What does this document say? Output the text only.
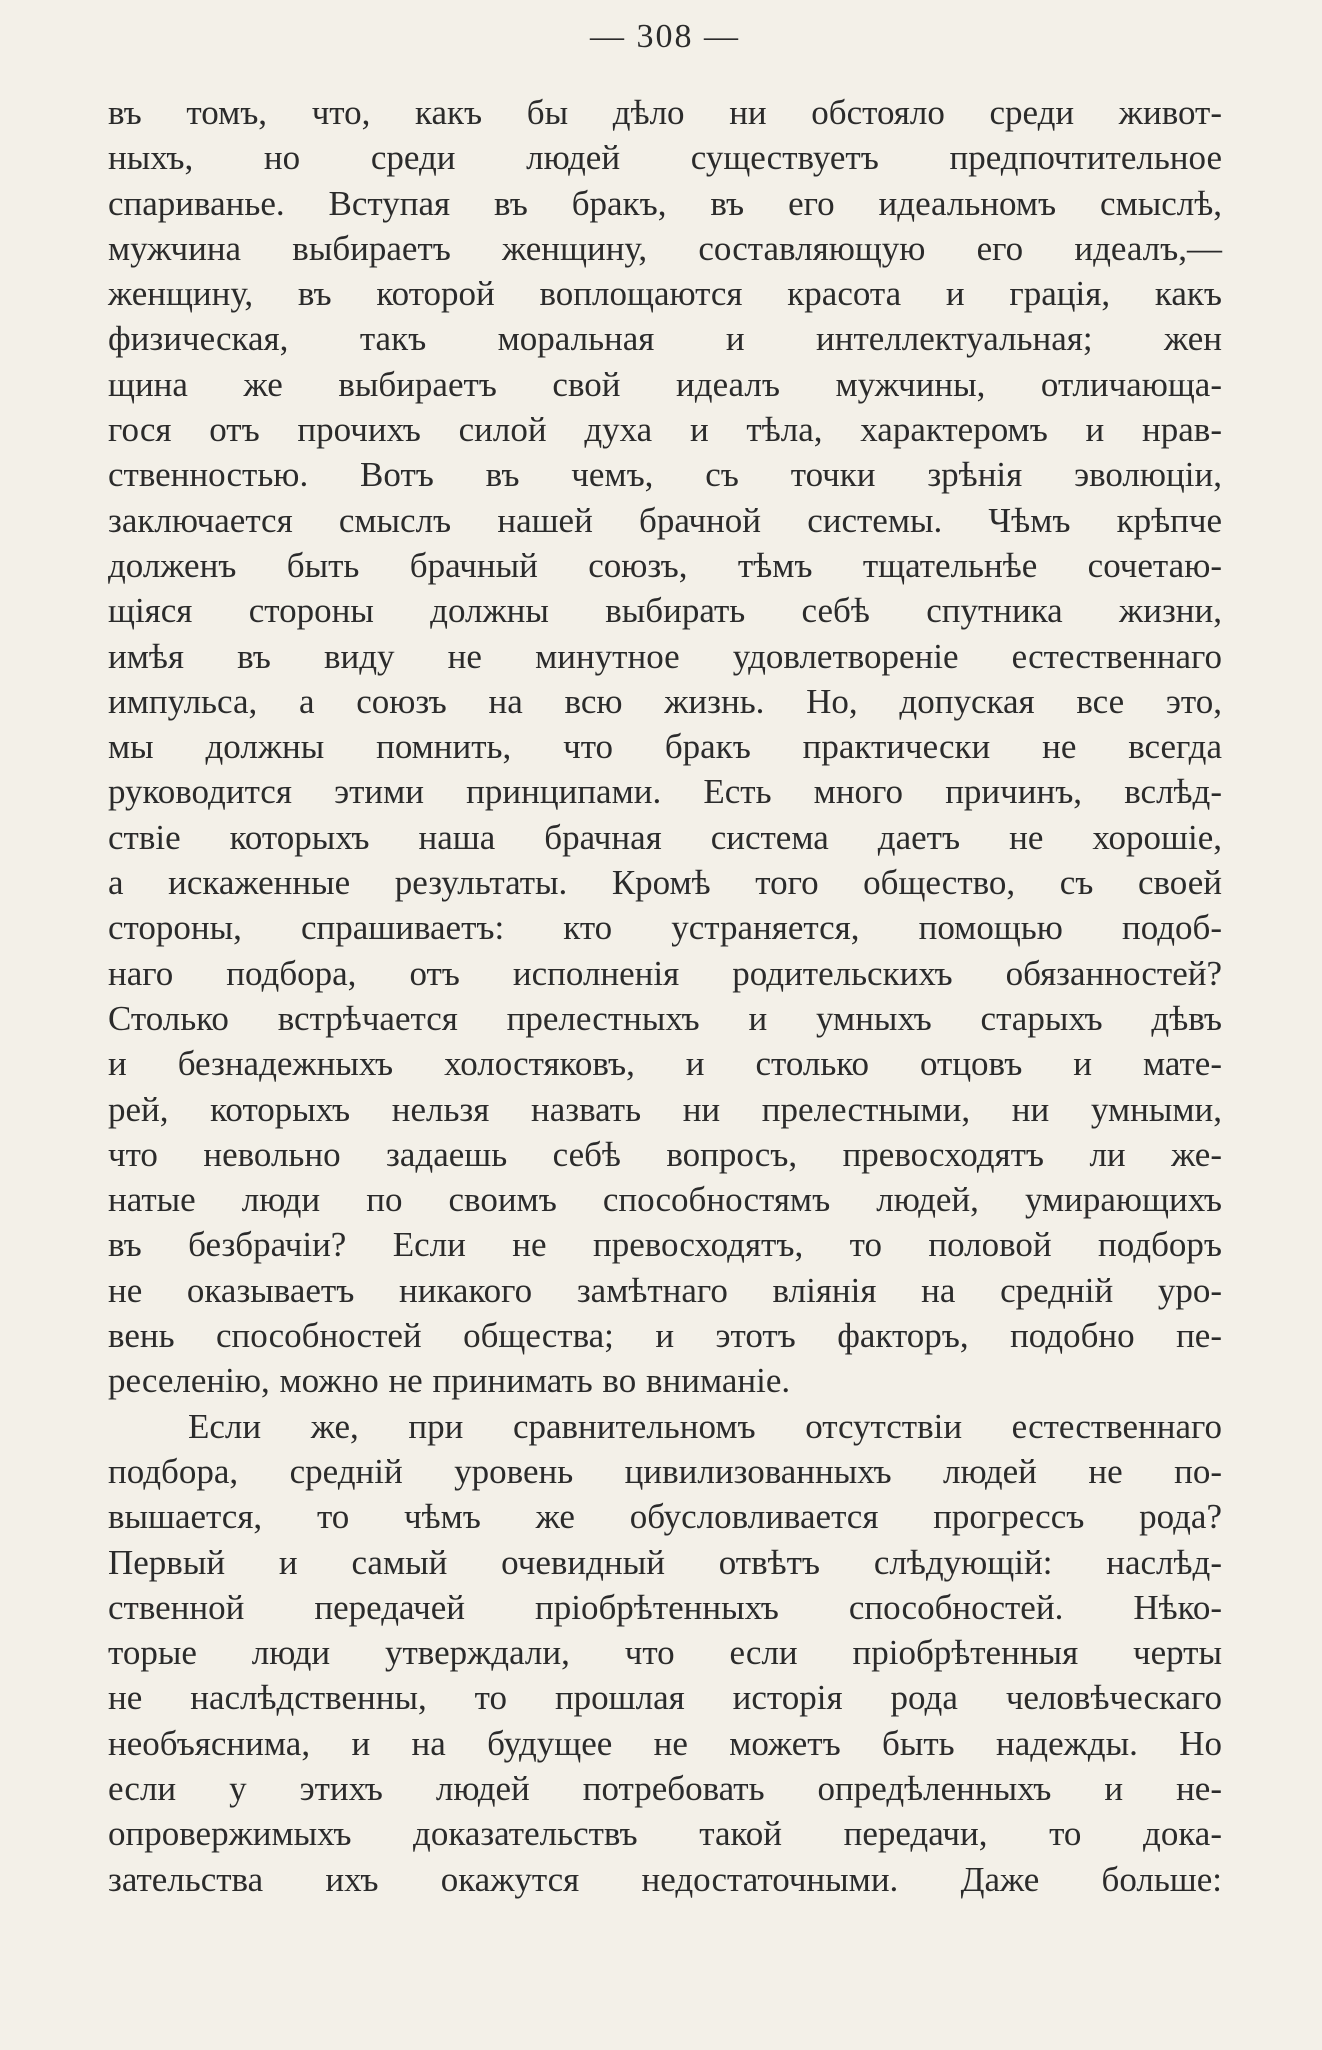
— 308 —
въ томъ, что, какъ бы дѣло ни обстояло среди живот-
ныхъ, но среди людей существуетъ предпочтительное
спариванье. Вступая въ бракъ, въ его идеальномъ смыслѣ,
мужчина выбираетъ женщину, составляющую его идеалъ,—
женщину, въ которой воплощаются красота и грація, какъ
физическая, такъ моральная и интеллектуальная; жен
щина же выбираетъ свой идеалъ мужчины, отличающа-
гося отъ прочихъ силой духа и тѣла, характеромъ и нрав-
ственностью. Вотъ въ чемъ, съ точки зрѣнія эволюціи,
заключается смыслъ нашей брачной системы. Чѣмъ крѣпче
долженъ быть брачный союзъ, тѣмъ тщательнѣе сочетаю-
щіяся стороны должны выбирать себѣ спутника жизни,
имѣя въ виду не минутное удовлетвореніе естественнаго
импульса, а союзъ на всю жизнь. Но, допуская все это,
мы должны помнить, что бракъ практически не всегда
руководится этими принципами. Есть много причинъ, вслѣд-
ствіе которыхъ наша брачная система даетъ не хорошіе,
а искаженные результаты. Кромѣ того общество, съ своей
стороны, спрашиваетъ: кто устраняется, помощью подоб-
наго подбора, отъ исполненія родительскихъ обязанностей?
Столько встрѣчается прелестныхъ и умныхъ старыхъ дѣвъ
и безнадежныхъ холостяковъ, и столько отцовъ и мате-
рей, которыхъ нельзя назвать ни прелестными, ни умными,
что невольно задаешь себѣ вопросъ, превосходятъ ли же-
натые люди по своимъ способностямъ людей, умирающихъ
въ безбрачіи? Если не превосходятъ, то половой подборъ
не оказываетъ никакого замѣтнаго вліянія на средній уро-
вень способностей общества; и этотъ факторъ, подобно пе-
реселенію, можно не принимать во вниманіе.
Если же, при сравнительномъ отсутствіи естественнаго
подбора, средній уровень цивилизованныхъ людей не по-
вышается, то чѣмъ же обусловливается прогрессъ рода?
Первый и самый очевидный отвѣтъ слѣдующій: наслѣд-
ственной передачей пріобрѣтенныхъ способностей. Нѣко-
торые люди утверждали, что если пріобрѣтенныя черты
не наслѣдственны, то прошлая исторія рода человѣческаго
необъяснима, и на будущее не можетъ быть надежды. Но
если у этихъ людей потребовать опредѣленныхъ и не-
опровержимыхъ доказательствъ такой передачи, то дока-
зательства ихъ окажутся недостаточными. Даже больше:
